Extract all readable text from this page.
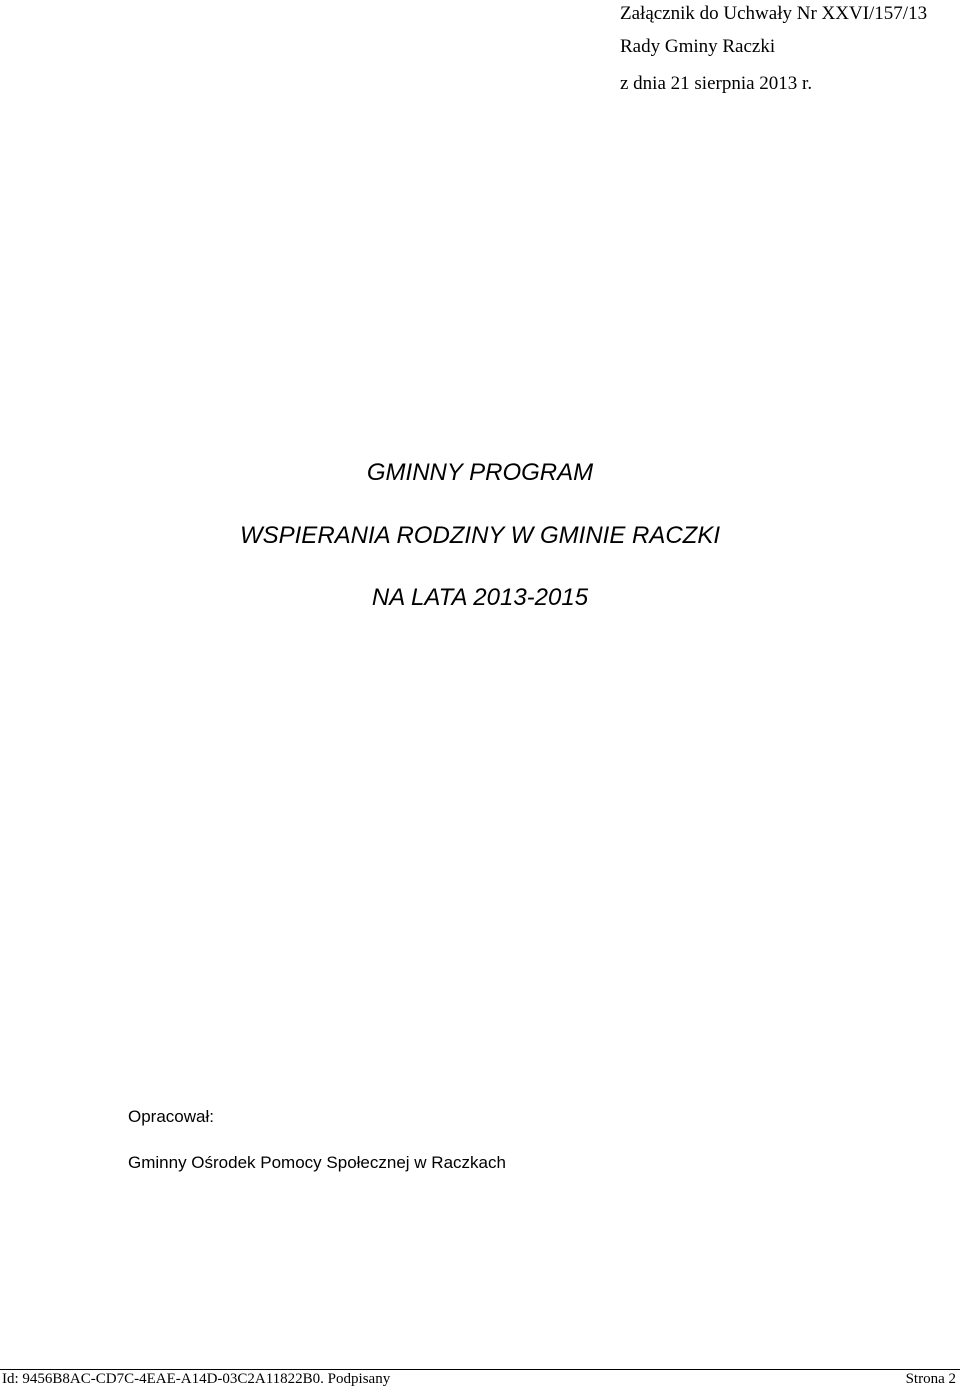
Załącznik do Uchwały Nr XXVI/157/13
Rady Gminy Raczki
z dnia 21 sierpnia 2013 r.
GMINNY PROGRAM
WSPIERANIA RODZINY W GMINIE RACZKI
NA LATA 2013-2015
Opracował:
Gminny Ośrodek Pomocy Społecznej w Raczkach
Id: 9456B8AC-CD7C-4EAE-A14D-03C2A11822B0. Podpisany	Strona 2
